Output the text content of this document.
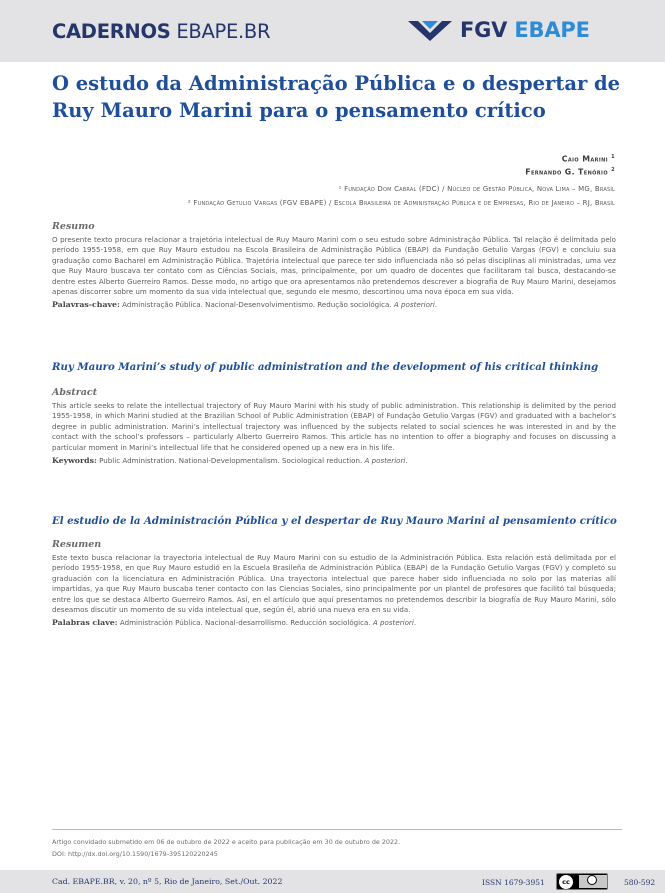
CADERNOS EBAPE.BR	FGV EBAPE
O estudo da Administração Pública e o despertar de Ruy Mauro Marini para o pensamento crítico
Caio Marini $^1$
Fernando G. Tenório $^2$
¹ Fundação Dom Cabral (FDC) / Núcleo de Gestão Pública, Nova Lima – MG, Brasil
² Fundação Getulio Vargas (FGV EBAPE) / Escola Brasileira de Administração Pública e de Empresas, Rio de Janeiro – RJ, Brasil
Resumo

O presente texto procura relacionar a trajetória intelectual de Ruy Mauro Marini com o seu estudo sobre Administração Pública. Tal relação é delimitada pelo período 1955-1958, em que Ruy Mauro estudou na Escola Brasileira de Administração Pública (EBAP) da Fundação Getulio Vargas (FGV) e concluiu sua graduação como Bacharel em Administração Pública. Trajetória intelectual que parece ter sido influenciada não só pelas disciplinas ali ministradas, uma vez que Ruy Mauro buscava ter contato com as Ciências Sociais, mas, principalmente, por um quadro de docentes que facilitaram tal busca, destacando-se dentre estes Alberto Guerreiro Ramos. Desse modo, no artigo que ora apresentamos não pretendemos descrever a biografia de Ruy Mauro Marini, desejamos apenas discorrer sobre um momento da sua vida intelectual que, segundo ele mesmo, descortinou uma nova época em sua vida.

Palavras-chave: Administração Pública. Nacional-Desenvolvimentismo. Redução sociológica. A posteriori.
Ruy Mauro Marini’s study of public administration and the development of his critical thinking
Abstract

This article seeks to relate the intellectual trajectory of Ruy Mauro Marini with his study of public administration. This relationship is delimited by the period 1955-1958, in which Marini studied at the Brazilian School of Public Administration (EBAP) of Fundação Getulio Vargas (FGV) and graduated with a bachelor’s degree in public administration. Marini’s intellectual trajectory was influenced by the subjects related to social sciences he was interested in and by the contact with the school’s professors – particularly Alberto Guerreiro Ramos. This article has no intention to offer a biography and focuses on discussing a particular moment in Marini’s intellectual life that he considered opened up a new era in his life.

Keywords: Public Administration. National-Developmentalism. Sociological reduction. A posteriori.
El estudio de la Administración Pública y el despertar de Ruy Mauro Marini al pensamiento crítico
Resumen

Este texto busca relacionar la trayectoria intelectual de Ruy Mauro Marini con su estudio de la Administración Pública. Esta relación está delimitada por el período 1955-1958, en que Ruy Mauro estudió en la Escuela Brasileña de Administración Pública (EBAP) de la Fundação Getulio Vargas (FGV) y completó su graduación con la licenciatura en Administración Pública. Una trayectoria intelectual que parece haber sido influenciada no solo por las materias allí impartidas, ya que Ruy Mauro buscaba tener contacto con las Ciencias Sociales, sino principalmente por un plantel de profesores que facilitó tal búsqueda; entre los que se destaca Alberto Guerreiro Ramos. Así, en el artículo que aquí presentamos no pretendemos describir la biografía de Ruy Mauro Marini, sólo deseamos discutir un momento de su vida intelectual que, según él, abrió una nueva era en su vida.

Palabras clave: Administración Pública. Nacional-desarrollismo. Reducción sociológica. A posteriori.
Artigo convidado submetido em 06 de outubro de 2022 e aceito para publicação em 30 de outubro de 2022.
DOI: http://dx.doi.org/10.1590/1679-395120220245
Cad. EBAPE.BR, v. 20, nº 5, Rio de Janeiro, Set./Out. 2022	ISSN 1679-3951	cc	580-592
